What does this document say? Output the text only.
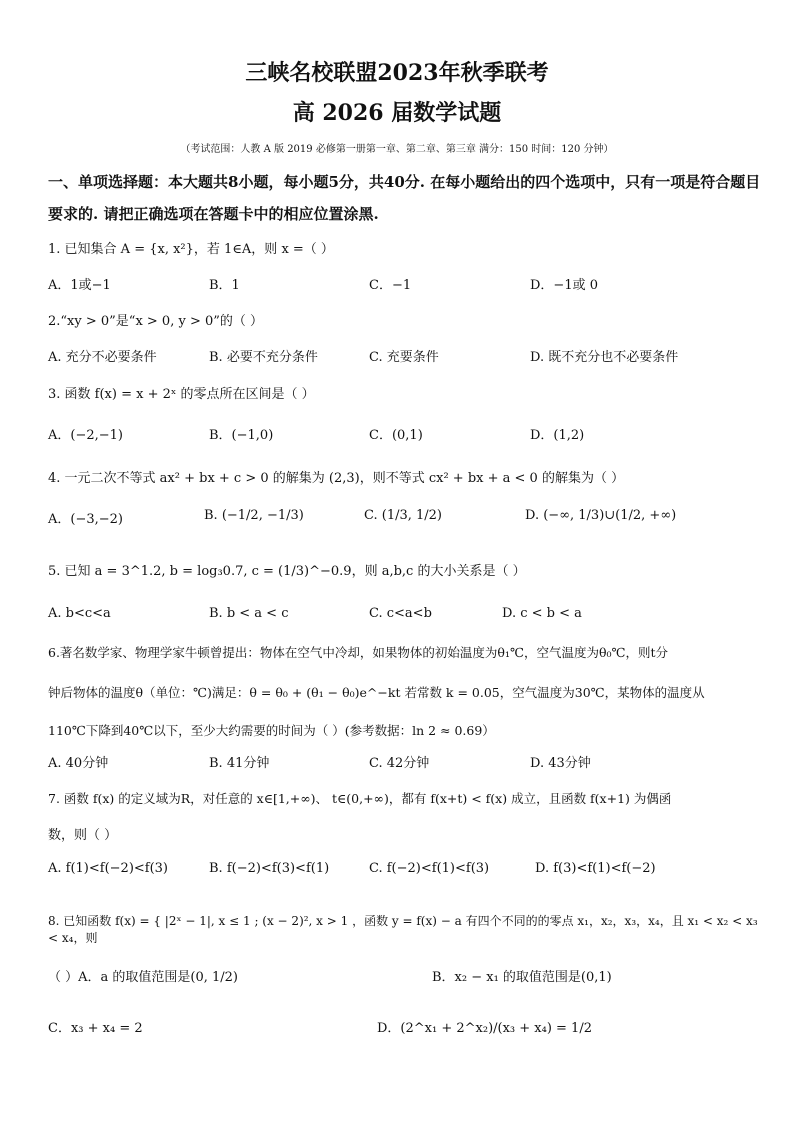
三峡名校联盟2023年秋季联考
高 2026 届数学试题
（考试范围：人教 A 版 2019 必修第一册第一章、第二章、第三章 满分：150 时间：120 分钟）
一、单项选择题：本大题共8小题，每小题5分，共40分. 在每小题给出的四个选项中，只有一项是符合题目要求的. 请把正确选项在答题卡中的相应位置涂黑.
1. 已知集合 A = {x, x²}，若 1∈A，则 x =（ ）
A．1或−1	B．1	C．−1	D．−1或 0
2.“xy > 0”是“x > 0, y > 0”的（ ）
A. 充分不必要条件	B. 必要不充分条件	C. 充要条件	D. 既不充分也不必要条件
3. 函数 f(x) = x + 2ˣ 的零点所在区间是（ ）
A．(−2,−1)	B．(−1,0)	C．(0,1)	D．(1,2)
4. 一元二次不等式 ax² + bx + c > 0 的解集为 (2,3)，则不等式 cx² + bx + a < 0 的解集为（ ）
A．(−3,−2)	B. (−1/2, −1/3)	C. (1/3, 1/2)	D. (−∞, 1/3)∪(1/2, +∞)
5. 已知 a = 3^1.2, b = log₃0.7, c = (1/3)^−0.9，则 a,b,c 的大小关系是（ ）
A. b<c<a	B. b < a < c	C. c<a<b	D. c < b < a
6.著名数学家、物理学家牛顿曾提出：物体在空气中冷却，如果物体的初始温度为θ₁℃，空气温度为θ₀℃，则t分
钟后物体的温度θ（单位：℃)满足：θ = θ₀ + (θ₁ − θ₀)e^−kt 若常数 k = 0.05，空气温度为30℃，某物体的温度从
110℃下降到40℃以下，至少大约需要的时间为（ ）(参考数据：ln 2 ≈ 0.69）
A. 40分钟	B. 41分钟	C. 42分钟	D. 43分钟
7. 函数 f(x) 的定义域为R，对任意的 x∈[1,+∞)、 t∈(0,+∞)，都有 f(x+t) < f(x) 成立，且函数 f(x+1) 为偶函
数，则（ ）
A. f(1)<f(−2)<f(3)	B. f(−2)<f(3)<f(1)	C. f(−2)<f(1)<f(3)	D. f(3)<f(1)<f(−2)
8. 已知函数 f(x) = { |2ˣ − 1|, x ≤ 1 ; (x − 2)², x > 1 ，函数 y = f(x) − a 有四个不同的的零点 x₁，x₂，x₃，x₄，且 x₁ < x₂ < x₃ < x₄，则
（ ）A．a 的取值范围是(0, 1/2)	B．x₂ − x₁ 的取值范围是(0,1)
C．x₃ + x₄ = 2	D．(2^x₁ + 2^x₂)/(x₃ + x₄) = 1/2
